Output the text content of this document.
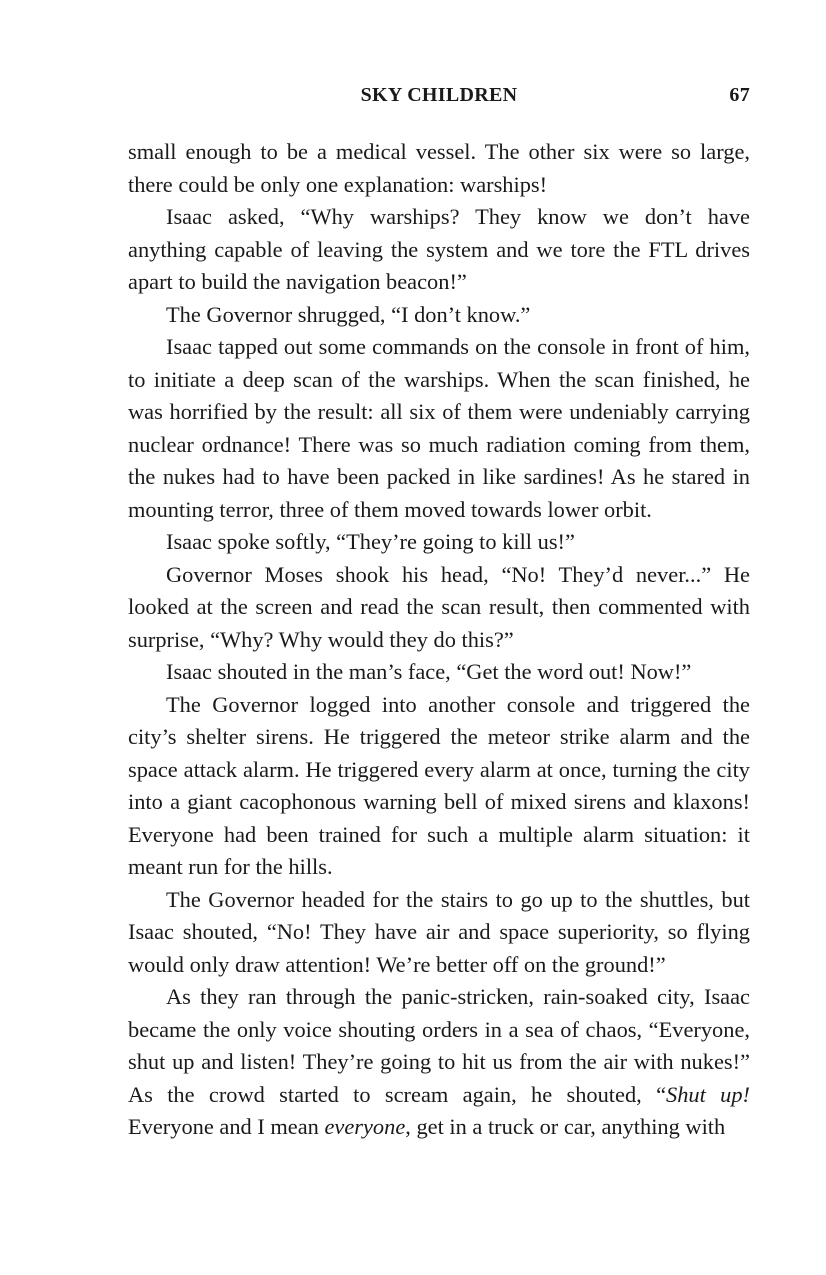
SKY CHILDREN	67

small enough to be a medical vessel. The other six were so large, there could be only one explanation: warships!

Isaac asked, “Why warships? They know we don’t have anything capable of leaving the system and we tore the FTL drives apart to build the navigation beacon!”

The Governor shrugged, “I don’t know.”

Isaac tapped out some commands on the console in front of him, to initiate a deep scan of the warships. When the scan finished, he was horrified by the result: all six of them were undeniably carrying nuclear ordnance! There was so much radiation coming from them, the nukes had to have been packed in like sardines! As he stared in mounting terror, three of them moved towards lower orbit.

Isaac spoke softly, “They’re going to kill us!”

Governor Moses shook his head, “No! They’d never...” He looked at the screen and read the scan result, then commented with surprise, “Why? Why would they do this?”

Isaac shouted in the man’s face, “Get the word out! Now!”

The Governor logged into another console and triggered the city’s shelter sirens. He triggered the meteor strike alarm and the space attack alarm. He triggered every alarm at once, turning the city into a giant cacophonous warning bell of mixed sirens and klaxons! Everyone had been trained for such a multiple alarm situation: it meant run for the hills.

The Governor headed for the stairs to go up to the shuttles, but Isaac shouted, “No! They have air and space superiority, so flying would only draw attention! We’re better off on the ground!”

As they ran through the panic-stricken, rain-soaked city, Isaac became the only voice shouting orders in a sea of chaos, “Everyone, shut up and listen! They’re going to hit us from the air with nukes!” As the crowd started to scream again, he shouted, “Shut up! Everyone and I mean everyone, get in a truck or car, anything with
